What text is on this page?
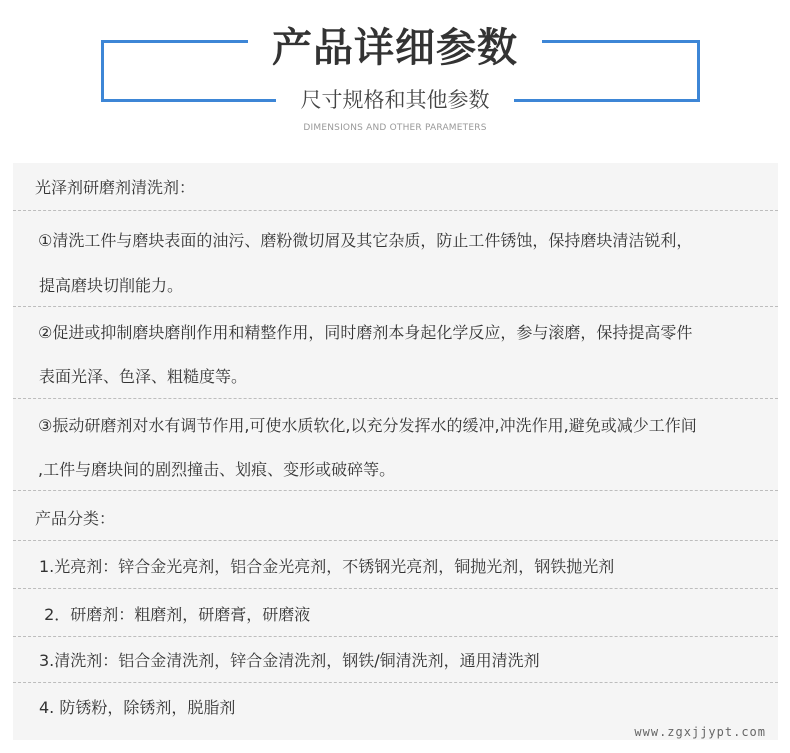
产品详细参数
尺寸规格和其他参数
DIMENSIONS AND OTHER PARAMETERS
光泽剂研磨剂清洗剂：
①清洗工件与磨块表面的油污、磨粉微切屑及其它杂质，防止工件锈蚀，保持磨块清洁锐利，
提高磨块切削能力。
②促进或抑制磨块磨削作用和精整作用，同时磨剂本身起化学反应，参与滚磨，保持提高零件
表面光泽、色泽、粗糙度等。
③振动研磨剂对水有调节作用,可使水质软化,以充分发挥水的缓冲,冲洗作用,避免或减少工作间
,工件与磨块间的剧烈撞击、划痕、变形或破碎等。
产品分类：
1.光亮剂：锌合金光亮剂，铝合金光亮剂，不锈钢光亮剂，铜抛光剂，钢铁抛光剂
2．研磨剂：粗磨剂，研磨膏，研磨液
3.清洗剂：铝合金清洗剂，锌合金清洗剂，钢铁/铜清洗剂，通用清洗剂
4. 防锈粉，除锈剂，脱脂剂
www.zgxjjypt.com
